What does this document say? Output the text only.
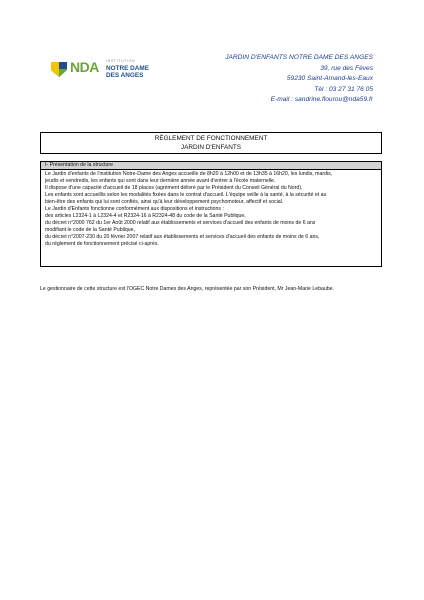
NDA INSTITUTION
NOTRE DAME
DES ANGES
JARDIN D'ENFANTS NOTRE DAME DES ANGES
39, rue des Fèves
59230 Saint-Amand-les-Eaux
Tél : 03 27 31 76 05
E-mail : sandrine.flourou@nda59.fr
RÈGLEMENT DE FONCTIONNEMENT
JARDIN D'ENFANTS
I- Présentation de la structure
Le Jardin d'enfants de l'institution Notre-Dame des Anges accueille de 8h20 à 12h00 et de 13h35 à 16h20, les lundis, mardis,
jeudis et vendredis, les enfants qui sont dans leur dernière année avant d'entrer à l'école maternelle.
Il dispose d'une capacité d'accueil de 18 places (agrément délivré par le Président du Conseil Général du Nord).
Les enfants sont accueillis selon les modalités fixées dans le contrat d'accueil. L'équipe veille à la santé, à la sécurité et au
bien-être des enfants qui lui sont confiés, ainsi qu'à leur développement psychomoteur, affectif et social.
Le Jardin d'Enfants fonctionne conformément aux dispositions et instructions :
des articles L2324-1 à L2324-4 et R2324-16 à R2324-48 du code de la Santé Publique,
du décret n°2000 762 du 1er Août 2000 relatif aux établissements et services d'accueil des enfants de moins de 6 ans
modifiant le code de la Santé Publique,
du décret n°2007-230 du 20 février 2007 relatif aux établissements et services d'accueil des enfants de moins de 6 ans,
du règlement de fonctionnement précisé ci-après.
Le gestionnaire de cette structure est l'OGEC Notre Dames des Anges, représentée par son Président, Mr Jean-Marie Lebaube.
